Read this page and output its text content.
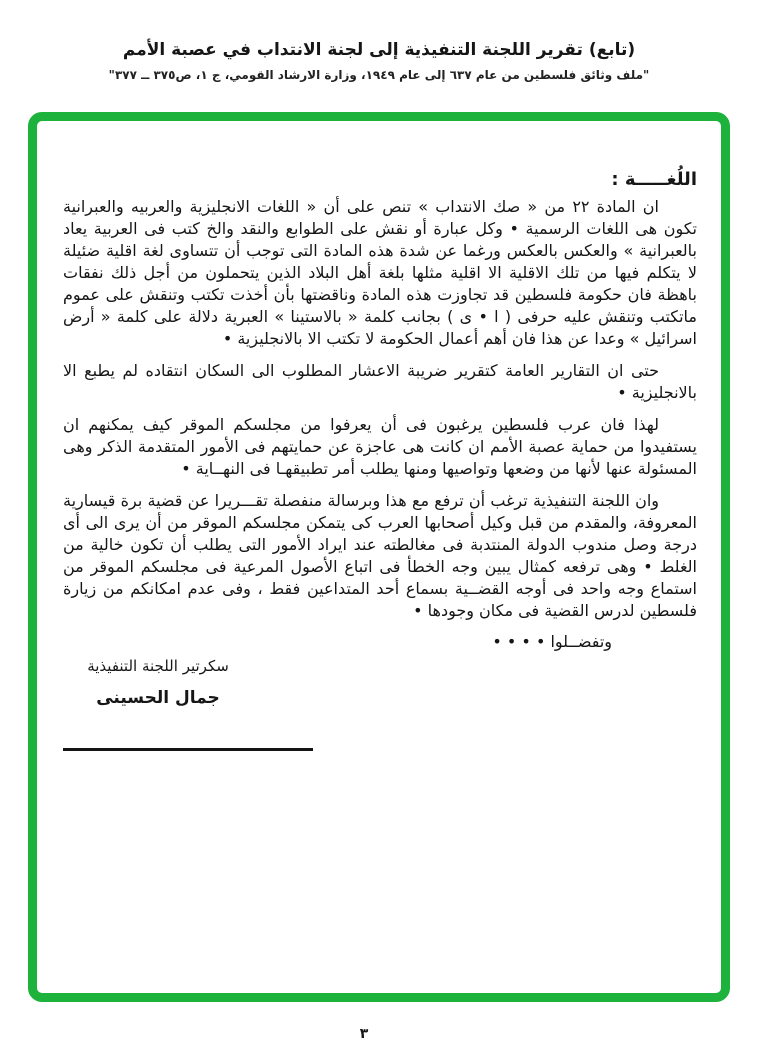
(تابع) تقرير اللجنة التنفيذية إلى لجنة الانتداب في عصبة الأمم
"ملف وثائق فلسطين من عام ٦٣٧ إلى عام ١٩٤٩، وزارة الارشاد القومي، ج ١، ص٣٧٥ ــ ٣٧٧"
اللُغـــــة :

ان المادة ٢٢ من « صك الانتداب » تنص على أن « اللغات الانجليزية والعربيه والعبرانية تكون هى اللغات الرسمية • وكل عبارة أو نقش على الطوابع والنقد والخ كتب فى العربية يعاد بالعبرانية » والعكس بالعكس ورغما عن شدة هذه المادة التى توجب أن تتساوى لغة اقلية ضئيلة لا يتكلم فيها من تلك الاقلية الا اقلية مثلها بلغة أهل البلاد الذين يتحملون من أجل ذلك نفقات باهظة فان حكومة فلسطين قد تجاوزت هذه المادة وناقضتها بأن أخذت تكتب وتنقش على عموم ماتكتب وتنقش عليه حرفى ( ا • ى ) بجانب كلمة « بالاستينا » العبرية دلالة على كلمة « أرض اسرائيل » وعدا عن هذا فان أهم أعمال الحكومة لا تكتب الا بالانجليزية •

حتى ان التقارير العامة كتقرير ضريبة الاعشار المطلوب الى السكان انتقاده لم يطبع الا بالانجليزية •

لهذا فان عرب فلسطين يرغبون فى أن يعرفوا من مجلسكم الموقر كيف يمكنهم ان يستفيدوا من حماية عصبة الأمم ان كانت هى عاجزة عن حمايتهم فى الأمور المتقدمة الذكر وهى المسئولة عنها لأنها من وضعها وتواصيها ومنها يطلب أمر تطبيقهـا فى النهــاية •

وان اللجنة التنفيذية ترغب أن ترفع مع هذا وبرسالة منفصلة تقـــريرا عن قضية برة قيسارية المعروفة، والمقدم من قبل وكيل أصحابها العرب كى يتمكن مجلسكم الموقر من أن يرى الى أى درجة وصل مندوب الدولة المنتدبة فى مغالطته عند ايراد الأمور التى يطلب أن تكون خالية من الغلط • وهى ترفعه كمثال يبين وجه الخطأ فى اتباع الأصول المرعية فى مجلسكم الموقر من استماع وجه واحد فى أوجه القضــية بسماع أحد المتداعين فقط ، وفى عدم امكانكم من زيارة فلسطين لدرس القضية فى مكان وجودها •

وتفضــلوا • • • •
سكرتير اللجنة التنفيذية
جمال الحسينى
٣
